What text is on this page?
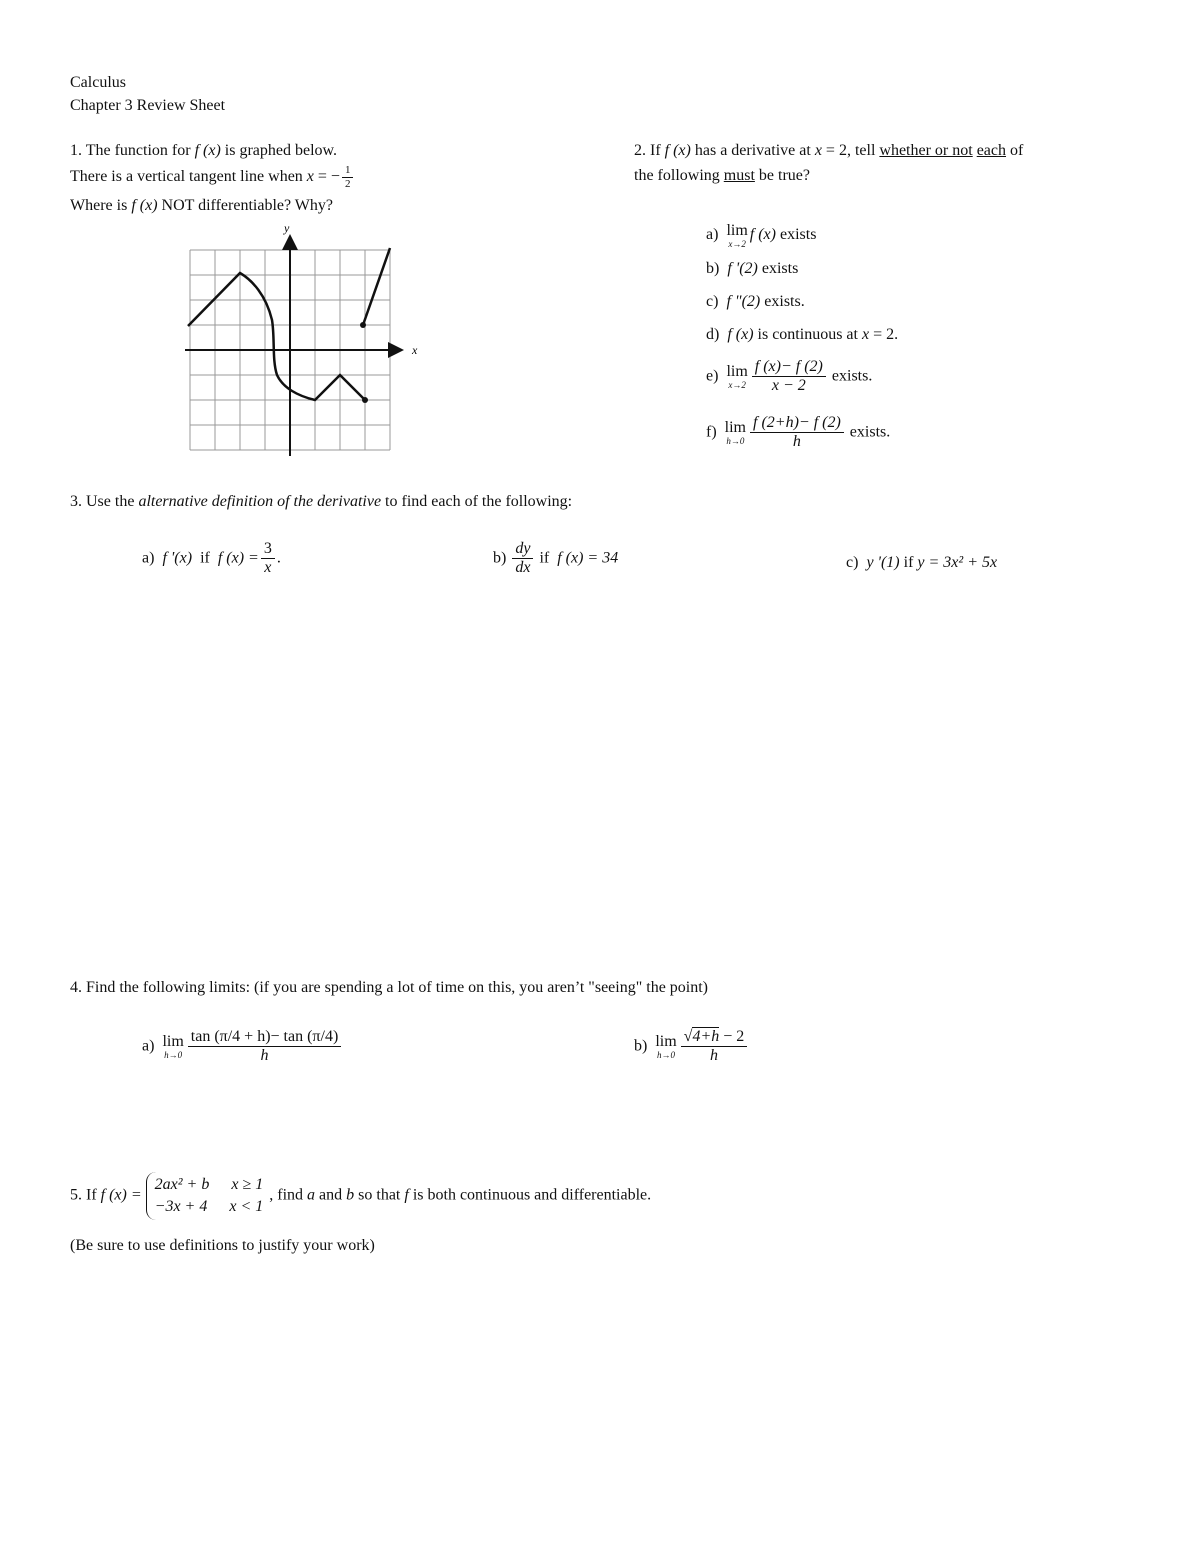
Calculus
Chapter 3 Review Sheet
1. The function for f (x) is graphed below.
There is a vertical tangent line when x = − $\frac{1}{2}$
Where is f (x) NOT differentiable? Why?
x
y
2. If f (x) has a derivative at x = 2, tell whether or not each of
the following must be true?
a) lim
x→2
f (x) exists
b) f '(2) exists
c) f "(2) exists.
d) f (x) is continuous at x = 2.
e) lim
$x\to 2 \frac{f (x)- f (2)}{x - 2}$ exists.
f) lim
$h\to 0 \frac{f (2+h)- f (2)}{h}$ exists.
3. Use the alternative definition of the derivative to find each of the following:
a) f '(x) if f $(x) = \frac{3}{x}$ .	$b) \frac{dy}{dx}$ if f (x) = 34	c) y '(1) if y = 3x² + 5x
4. Find the following limits: (if you are spending a lot of time on this, you aren’t "seeing" the point)
a) lim
$h\to 0 \frac{\tan (\pi/4 + h)- \tan (\pi/4)}{h}$	b) lim
$h\to 0 \frac{√4+h - 2}{h}$
5. If f (x) =
2ax² + b x ≥ 1
−3x + 4 x < 1
, find a and b so that f is both continuous and differentiable.
(Be sure to use definitions to justify your work)
